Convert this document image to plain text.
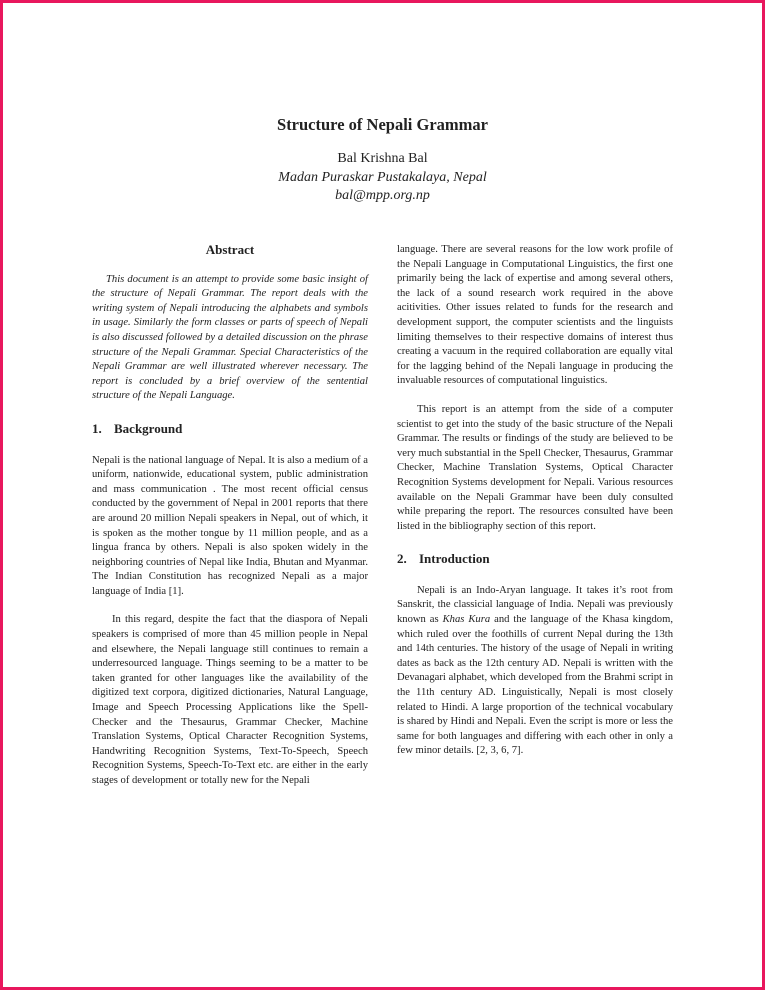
Structure of Nepali Grammar
Bal Krishna Bal
Madan Puraskar Pustakalaya, Nepal
bal@mpp.org.np
Abstract

This document is an attempt to provide some basic insight of the structure of Nepali Grammar. The report deals with the writing system of Nepali introducing the alphabets and symbols in usage. Similarly the form classes or parts of speech of Nepali is also discussed followed by a detailed discussion on the phrase structure of the Nepali Grammar. Special Characteristics of the Nepali Grammar are well illustrated wherever necessary. The report is concluded by a brief overview of the sentential structure of the Nepali Language.

1. Background

Nepali is the national language of Nepal. It is also a medium of a uniform, nationwide, educational system, public administration and mass communication . The most recent official census conducted by the government of Nepal in 2001 reports that there are around 20 million Nepali speakers in Nepal, out of which, it is spoken as the mother tongue by 11 million people, and as a lingua franca by others. Nepali is also spoken widely in the neighboring countries of Nepal like India, Bhutan and Myanmar. The Indian Constitution has recognized Nepali as a major language of India [1].

In this regard, despite the fact that the diaspora of Nepali speakers is comprised of more than 45 million people in Nepal and elsewhere, the Nepali language still continues to remain a underresourced language. Things seeming to be a matter to be taken granted for other languages like the availability of the digitized text corpora, digitized dictionaries, Natural Language, Image and Speech Processing Applications like the Spell-Checker and the Thesaurus, Grammar Checker, Machine Translation Systems, Optical Character Recognition Systems, Handwriting Recognition Systems, Text-To-Speech, Speech Recognition Systems, Speech-To-Text etc. are either in the early stages of development or totally new for the Nepali

language. There are several reasons for the low work profile of the Nepali Language in Computational Linguistics, the first one primarily being the lack of expertise and among several others, the lack of a sound research work required in the above acitivities. Other issues related to funds for the research and development support, the computer scientists and the linguists limiting themselves to their respective domains of interest thus creating a vacuum in the required collaboration are equally vital for the lagging behind of the Nepali language in producing the invaluable resources of computational linguistics.

This report is an attempt from the side of a computer scientist to get into the study of the basic structure of the Nepali Grammar. The results or findings of the study are believed to be very much substantial in the Spell Checker, Thesaurus, Grammar Checker, Machine Translation Systems, Optical Character Recognition Systems development for Nepali. Various resources available on the Nepali Grammar have been duly consulted while preparing the report. The resources consulted have been listed in the bibliography section of this report.

2. Introduction

Nepali is an Indo-Aryan language. It takes it’s root from Sanskrit, the classicial language of India. Nepali was previously known as Khas Kura and the language of the Khasa kingdom, which ruled over the foothills of current Nepal during the 13th and 14th centuries. The history of the usage of Nepali in writing dates as back as the 12th century AD. Nepali is written with the Devanagari alphabet, which developed from the Brahmi script in the 11th century AD. Linguistically, Nepali is most closely related to Hindi. A large proportion of the technical vocabulary is shared by Hindi and Nepali. Even the script is more or less the same for both languages and differing with each other in only a few minor details. [2, 3, 6, 7].
